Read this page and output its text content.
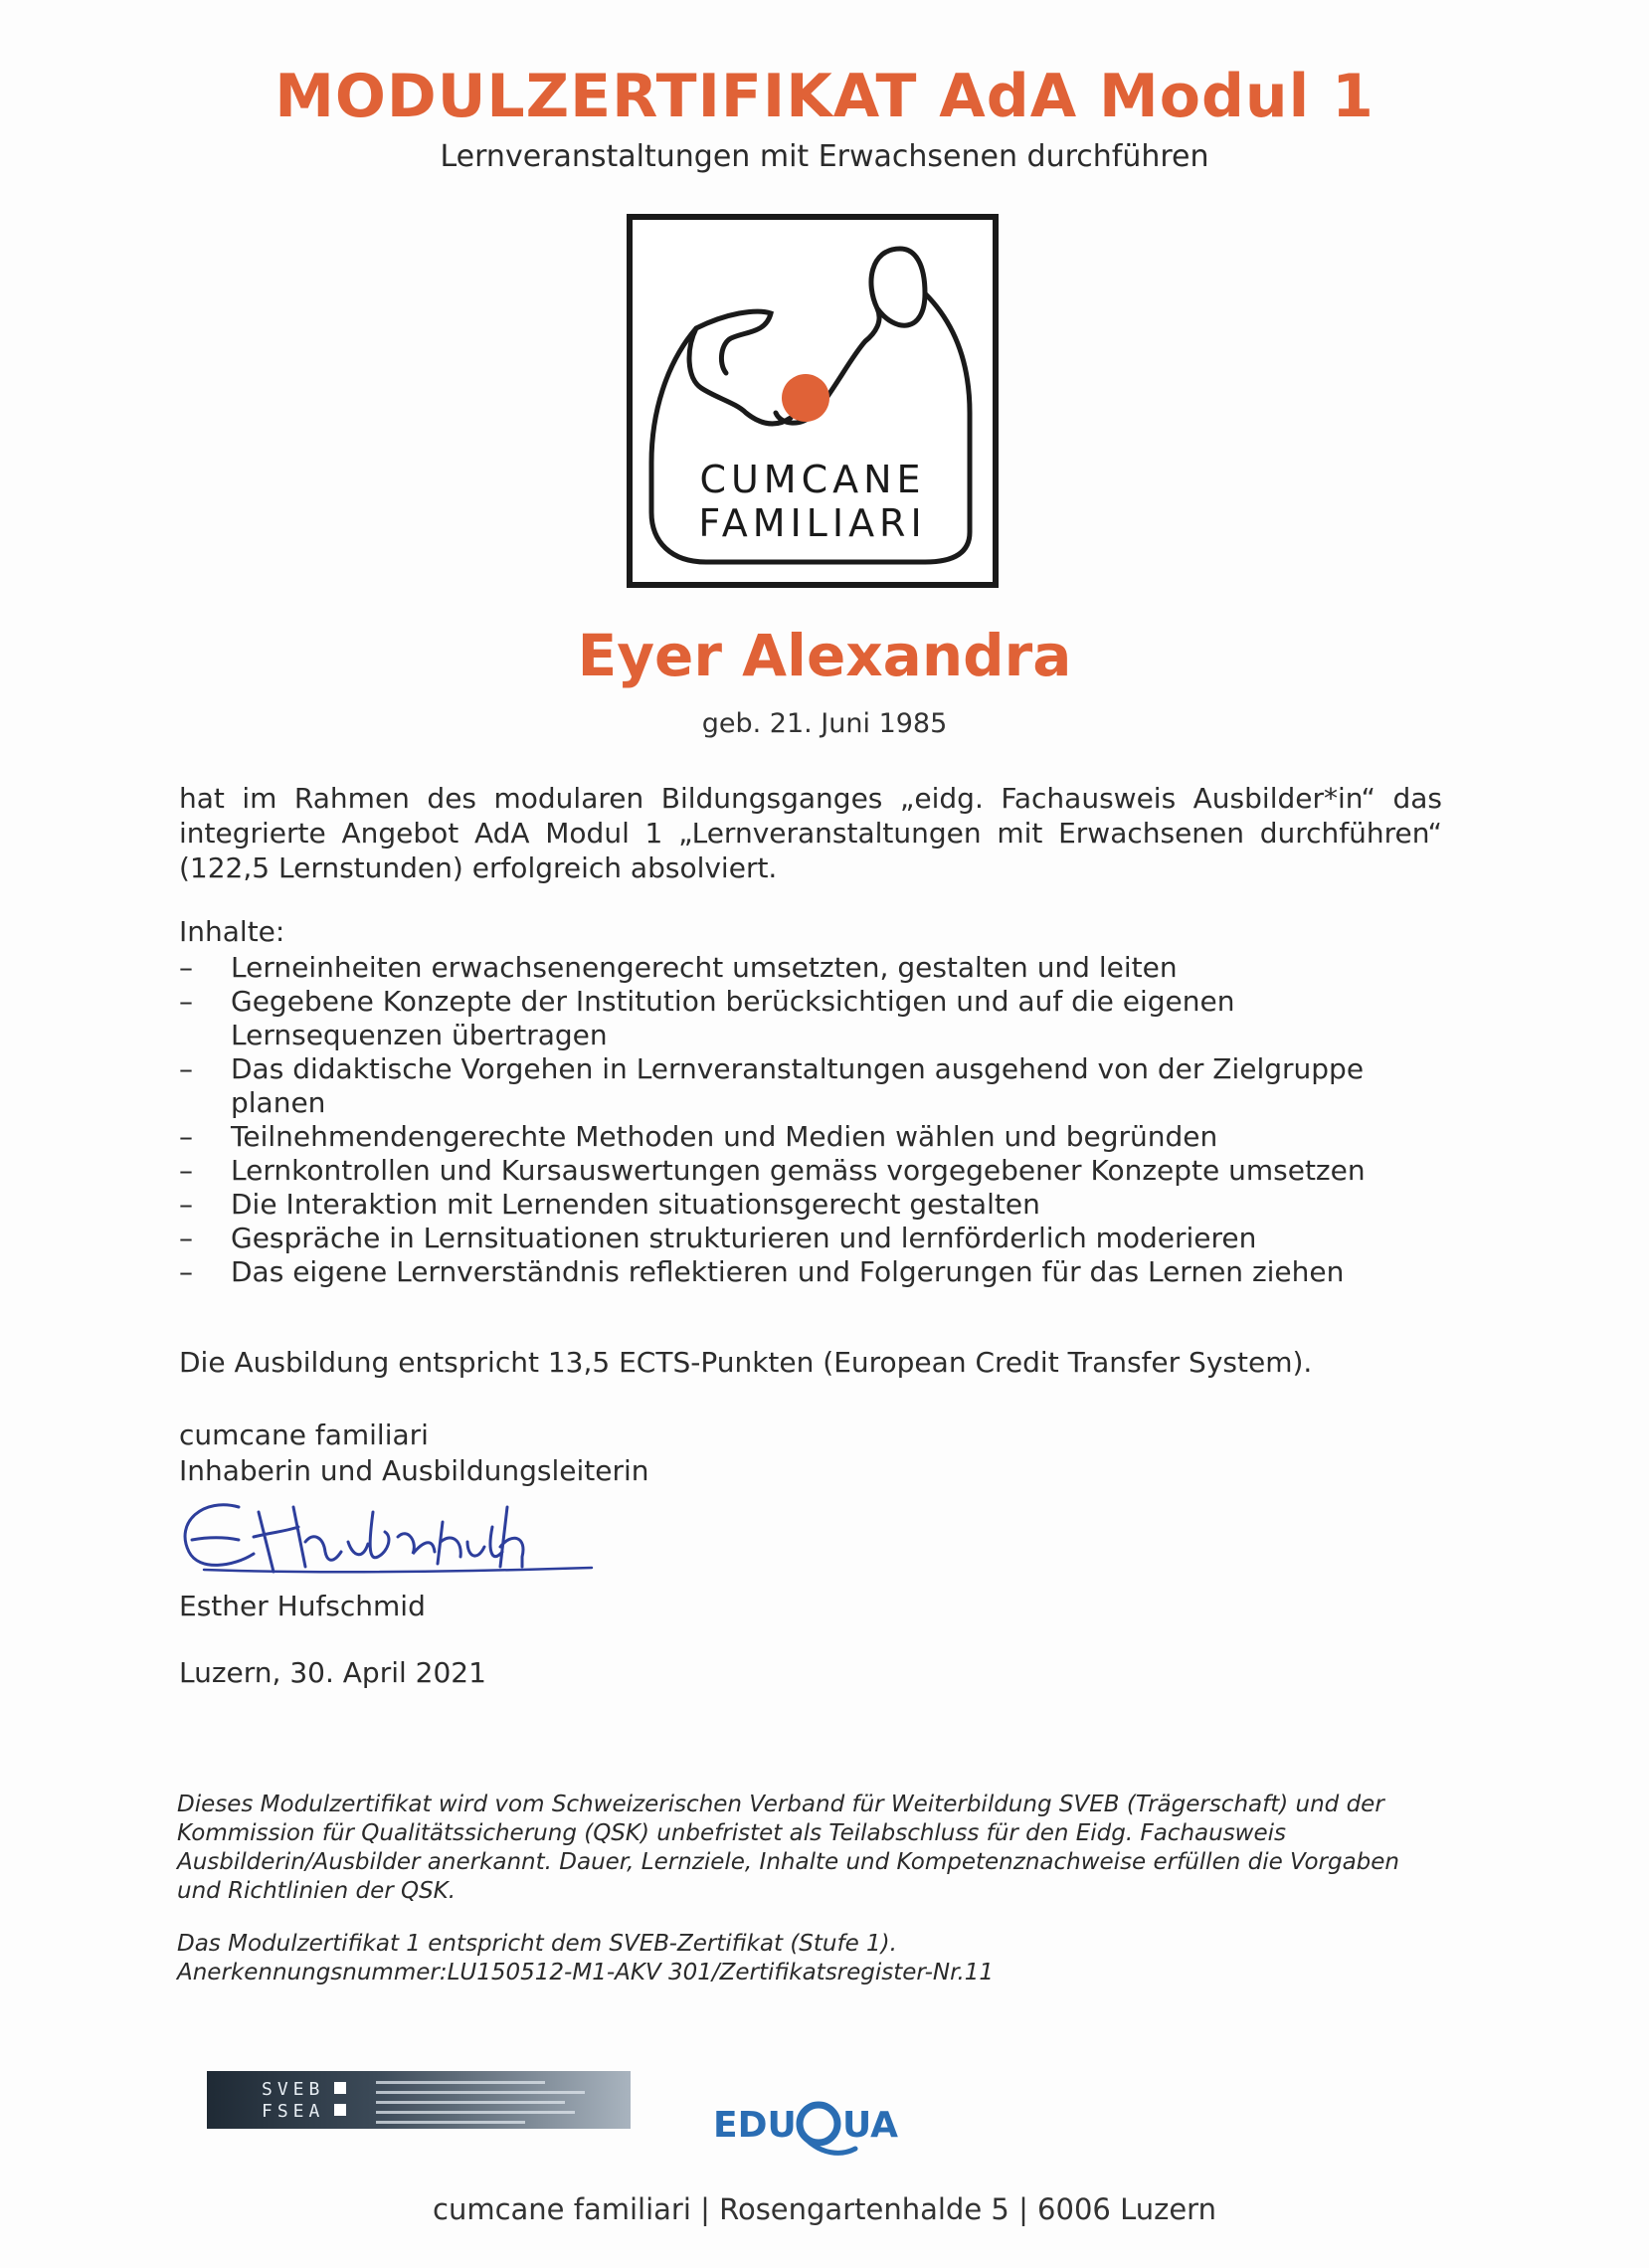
MODULZERTIFIKAT AdA Modul 1
Lernveranstaltungen mit Erwachsenen durchführen
CUMCANE
FAMILIARI
Eyer Alexandra
geb. 21. Juni 1985
hat im Rahmen des modularen Bildungsganges „eidg. Fachausweis Ausbilder*in“ das integrierte Angebot AdA Modul 1 „Lernveranstaltungen mit Erwachsenen durchführen“ (122,5 Lernstunden) erfolgreich absolviert.
Inhalte:
– Lerneinheiten erwachsenengerecht umsetzten, gestalten und leiten
– Gegebene Konzepte der Institution berücksichtigen und auf die eigenen Lernsequenzen übertragen
– Das didaktische Vorgehen in Lernveranstaltungen ausgehend von der Zielgruppe planen
– Teilnehmendengerechte Methoden und Medien wählen und begründen
– Lernkontrollen und Kursauswertungen gemäss vorgegebener Konzepte umsetzen
– Die Interaktion mit Lernenden situationsgerecht gestalten
– Gespräche in Lernsituationen strukturieren und lernförderlich moderieren
– Das eigene Lernverständnis reflektieren und Folgerungen für das Lernen ziehen
Die Ausbildung entspricht 13,5 ECTS-Punkten (European Credit Transfer System).
cumcane familiari
Inhaberin und Ausbildungsleiterin
Esther Hufschmid
Luzern, 30. April 2021
Dieses Modulzertifikat wird vom Schweizerischen Verband für Weiterbildung SVEB (Trägerschaft) und der Kommission für Qualitätssicherung (QSK) unbefristet als Teilabschluss für den Eidg. Fachausweis Ausbilderin/Ausbilder anerkannt. Dauer, Lernziele, Inhalte und Kompetenznachweise erfüllen die Vorgaben und Richtlinien der QSK.
Das Modulzertifikat 1 entspricht dem SVEB-Zertifikat (Stufe 1).
Anerkennungsnummer:LU150512-M1-AKV 301/Zertifikatsregister-Nr.11
SVEB
FSEA	EDU UA
cumcane familiari | Rosengartenhalde 5 | 6006 Luzern
